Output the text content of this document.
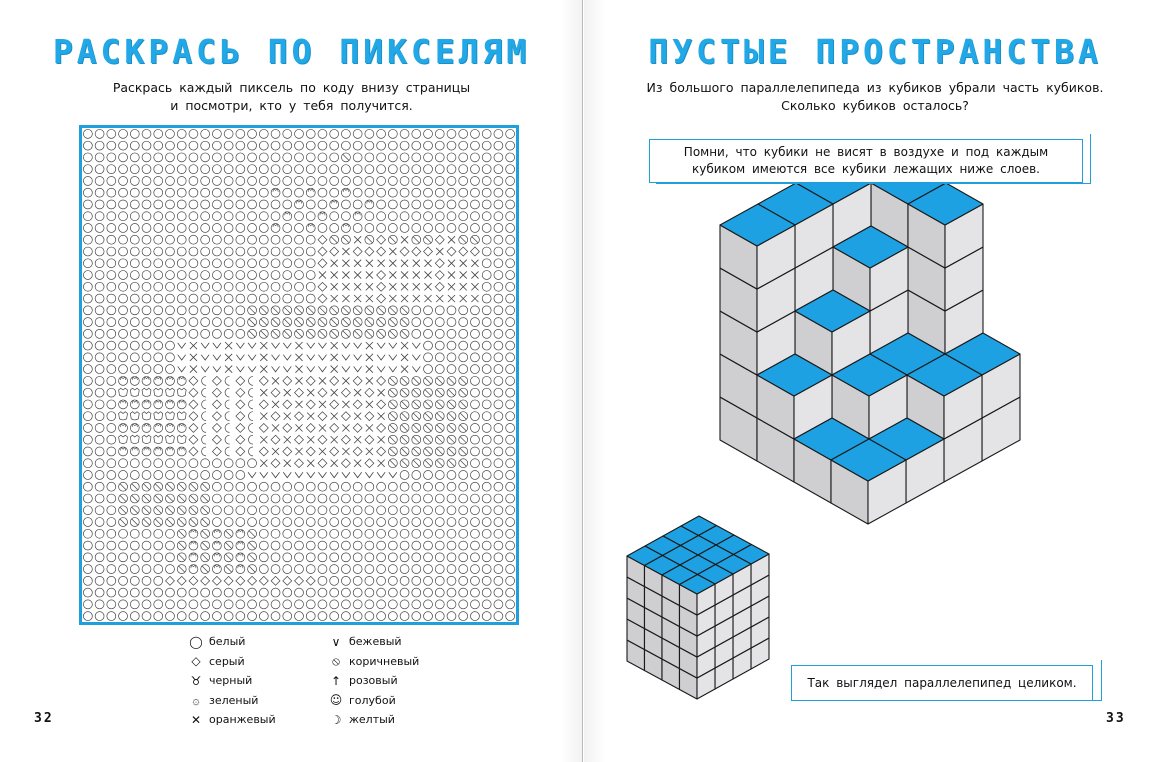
РАСКРАСЬ ПО ПИКСЕЛЯМ
Раскрась каждый пиксель по коду внизу страницы
и посмотри, кто у тебя получится.
◯ белый
◇ серый
♉ черный
۞ зеленый
✕ оранжевый
∨ бежевый
⦸ коричневый
↑ розовый
☺ голубой
☽ желтый
32
ПУСТЫЕ ПРОСТРАНСТВА
Из большого параллелепипеда из кубиков убрали часть кубиков.
Сколько кубиков осталось?
Помни, что кубики не висят в воздухе и под каждым
кубиком имеются все кубики лежащих ниже слоев.
Так выглядел параллелепипед целиком.
33
